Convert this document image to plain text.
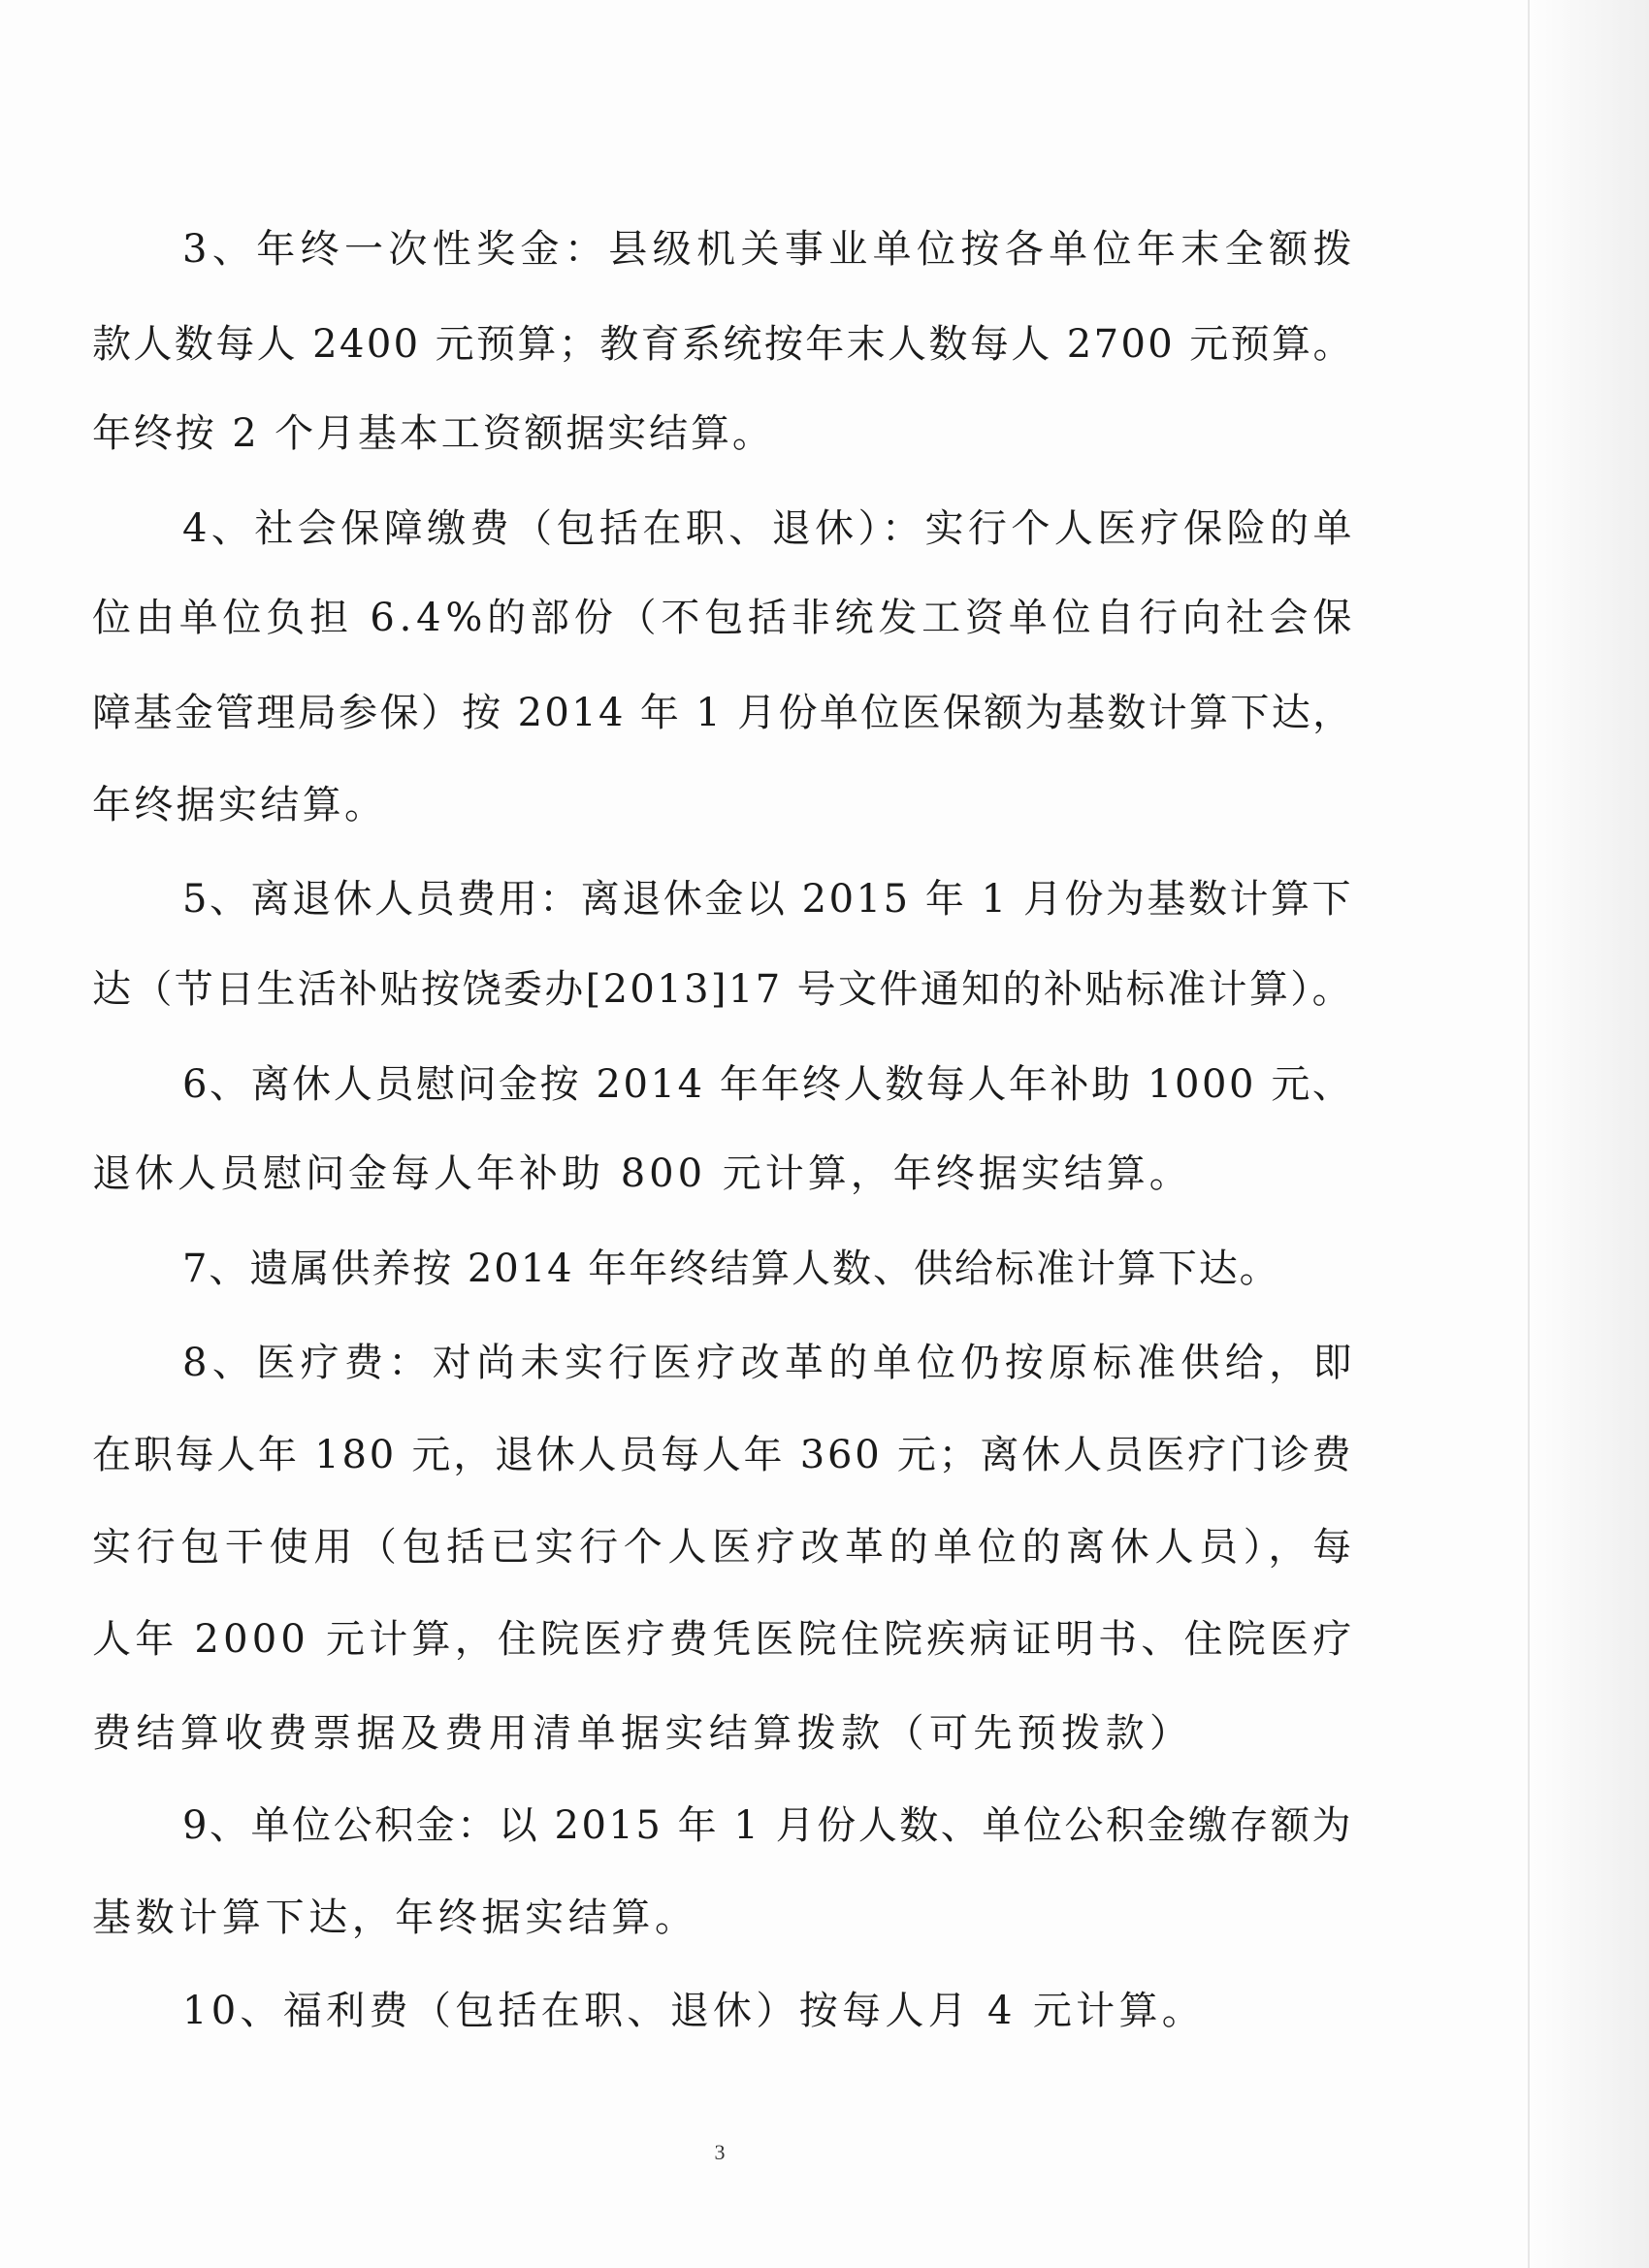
3、年终一次性奖金：县级机关事业单位按各单位年末全额拨
款人数每人 2400 元预算；教育系统按年末人数每人 2700 元预算。
年终按 2 个月基本工资额据实结算。
4、社会保障缴费（包括在职、退休）：实行个人医疗保险的单
位由单位负担 6.4%的部份（不包括非统发工资单位自行向社会保
障基金管理局参保）按 2014 年 1 月份单位医保额为基数计算下达，
年终据实结算。
5、离退休人员费用：离退休金以 2015 年 1 月份为基数计算下
达（节日生活补贴按饶委办[2013]17 号文件通知的补贴标准计算）。
6、离休人员慰问金按 2014 年年终人数每人年补助 1000 元、
退休人员慰问金每人年补助 800 元计算，年终据实结算。
7、遗属供养按 2014 年年终结算人数、供给标准计算下达。
8、医疗费：对尚未实行医疗改革的单位仍按原标准供给，即
在职每人年 180 元，退休人员每人年 360 元；离休人员医疗门诊费
实行包干使用（包括已实行个人医疗改革的单位的离休人员），每
人年 2000 元计算，住院医疗费凭医院住院疾病证明书、住院医疗
费结算收费票据及费用清单据实结算拨款（可先预拨款）
9、单位公积金：以 2015 年 1 月份人数、单位公积金缴存额为
基数计算下达，年终据实结算。
10、福利费（包括在职、退休）按每人月 4 元计算。
3
